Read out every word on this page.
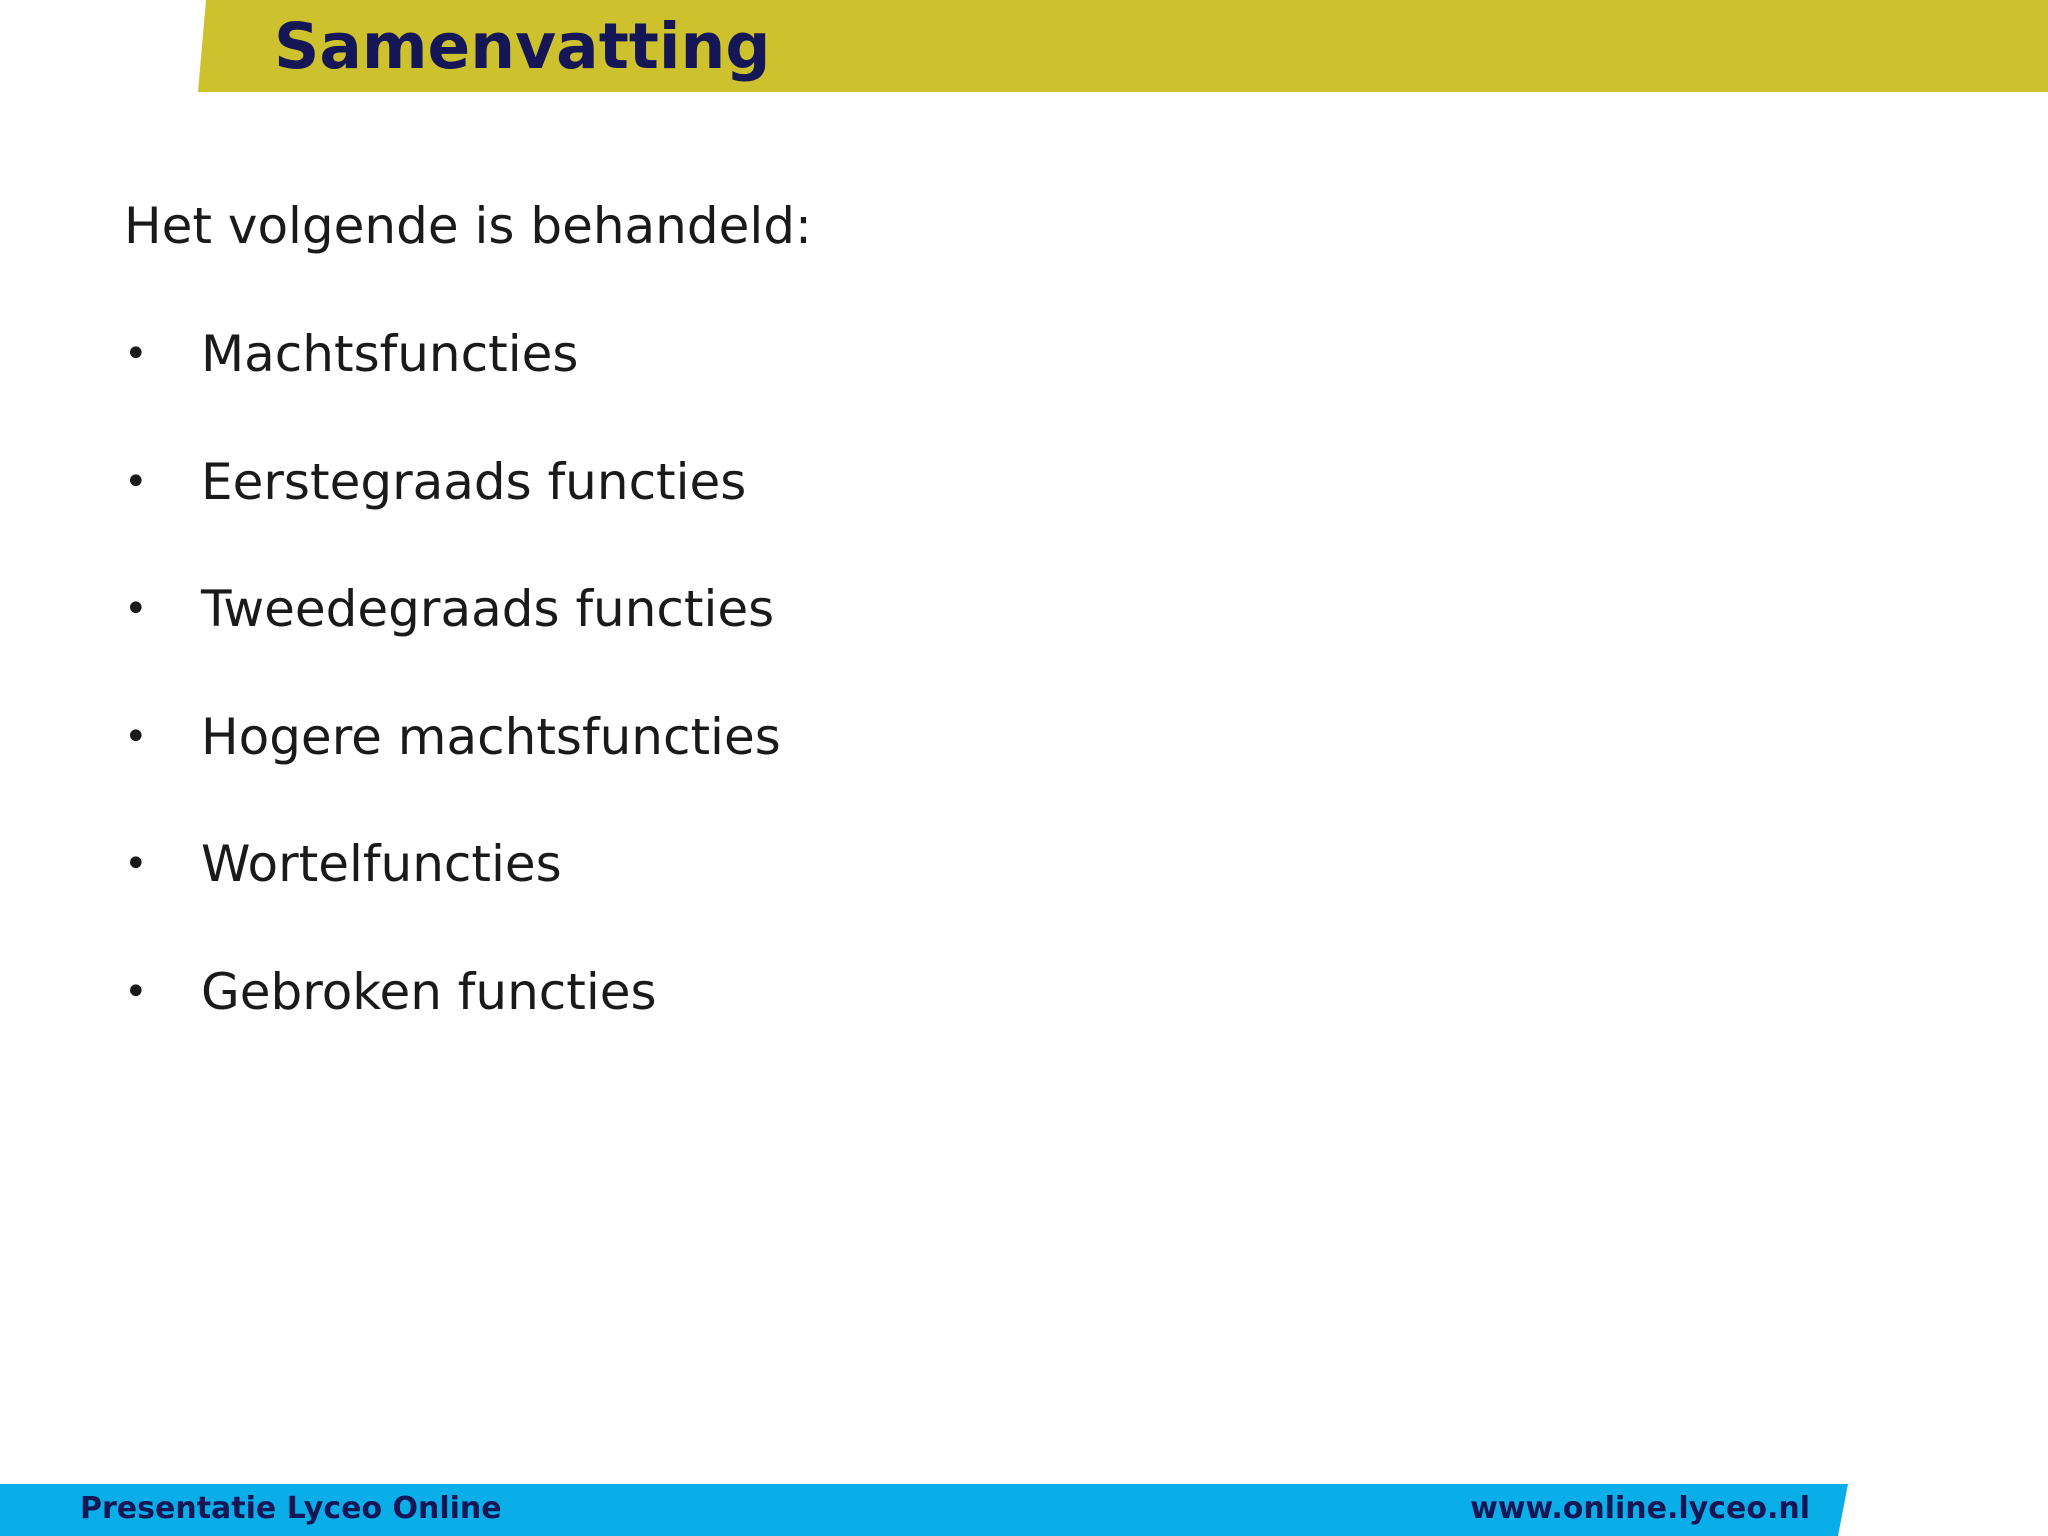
Samenvatting

Het volgende is behandeld:

• Machtsfuncties
• Eerstegraads functies
• Tweedegraads functies
• Hogere machtsfuncties
• Wortelfuncties
• Gebroken functies
Presentatie Lyceo Online	www.online.lyceo.nl
